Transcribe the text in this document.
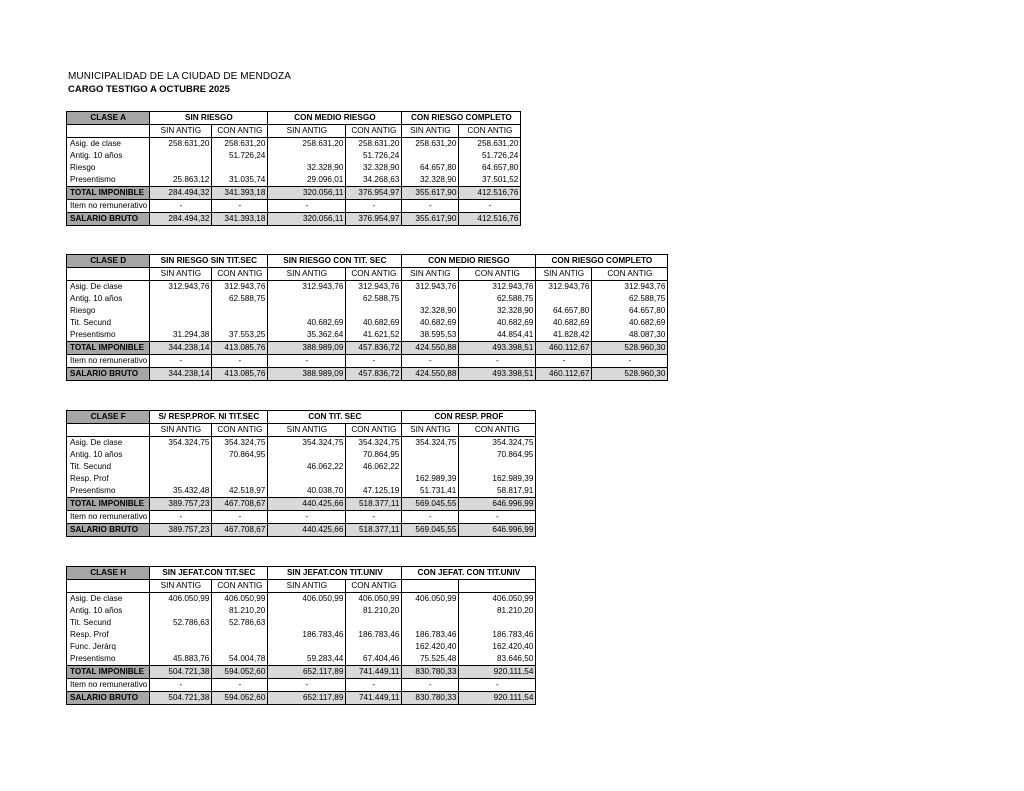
MUNICIPALIDAD DE LA CIUDAD DE MENDOZA
CARGO TESTIGO A OCTUBRE 2025
CLASE A	SIN RIESGO		CON MEDIO RIESGO		CON RIESGO COMPLETO	
	SIN ANTIG	CON ANTIG	SIN ANTIG	CON ANTIG	SIN ANTIG	CON ANTIG
Asig. de clase	258.631,20	258.631,20	258.631,20	258.631,20	258.631,20	258.631,20
Antig. 10 años		51.726,24		51.726,24		51.726,24
Riesgo			32.328,90	32.328,90	64.657,80	64.657,80
Presentismo	25.863,12	31.035,74	29.096,01	34.268,63	32.328,90	37.501,52
TOTAL IMPONIBLE	284.494,32	341.393,18	320.056,11	376.954,97	355.617,90	412.516,76
Item no remunerativo	-	-	-	-	-	-
SALARIO BRUTO	284.494,32	341.393,18	320.056,11	376.954,97	355.617,90	412.516,76
CLASE D	SIN RIESGO SIN TIT.SEC		SIN RIESGO CON TIT. SEC		CON MEDIO RIESGO		CON RIESGO COMPLETO	
	SIN ANTIG	CON ANTIG	SIN ANTIG	CON ANTIG	SIN ANTIG	CON ANTIG	SIN ANTIG	CON ANTIG
Asig. De clase	312.943,76	312.943,76	312.943,76	312.943,76	312.943,76	312.943,76	312.943,76	312.943,76
Antig. 10 años		62.588,75		62.588,75		62.588,75		62.588,75
Riesgo					32.328,90	32.328,90	64.657,80	64.657,80
Tit. Secund			40.682,69	40.682,69	40.682,69	40.682,69	40.682,69	40.682,69
Presentismo	31.294,38	37.553,25	35.362,64	41.621,52	38.595,53	44.854,41	41.828,42	48.087,30
TOTAL IMPONIBLE	344.238,14	413.085,76	388.989,09	457.836,72	424.550,88	493.398,51	460.112,67	528.960,30
Item no remunerativo	-	-	-	-	-	-	-	-
SALARIO BRUTO	344.238,14	413.085,76	388.989,09	457.836,72	424.550,88	493.398,51	460.112,67	528.960,30
CLASE F	S/ RESP.PROF. NI TIT.SEC		CON TIT. SEC		CON RESP. PROF	
	SIN ANTIG	CON ANTIG	SIN ANTIG	CON ANTIG	SIN ANTIG	CON ANTIG
Asig. De clase	354.324,75	354.324,75	354.324,75	354.324,75	354.324,75	354.324,75
Antig. 10 años		70.864,95		70.864,95		70.864,95
Tit. Secund			46.062,22	46.062,22		
Resp. Prof					162.989,39	162.989,39
Presentismo	35.432,48	42.518,97	40.038,70	47.125,19	51.731,41	58.817,91
TOTAL IMPONIBLE	389.757,23	467.708,67	440.425,66	518.377,11	569.045,55	646.996,99
Item no remunerativo	-	-	-	-	-	-
SALARIO BRUTO	389.757,23	467.708,67	440.425,66	518.377,11	569.045,55	646.996,99
CLASE H	SIN JEFAT.CON TIT.SEC		SIN JEFAT.CON TIT.UNIV		CON JEFAT. CON TIT.UNIV	
	SIN ANTIG	CON ANTIG	SIN ANTIG	CON ANTIG		
Asig. De clase	406.050,99	406.050,99	406.050,99	406.050,99	406.050,99	406.050,99
Antig. 10 años		81.210,20		81.210,20		81.210,20
Tit. Secund	52.786,63	52.786,63				
Resp. Prof			186.783,46	186.783,46	186.783,46	186.783,46
Func. Jerárq					162.420,40	162.420,40
Presentismo	45.883,76	54.004,78	59.283,44	67.404,46	75.525,48	83.646,50
TOTAL IMPONIBLE	504.721,38	594.052,60	652.117,89	741.449,11	830.780,33	920.111,54
Item no remunerativo	-	-	-	-	-	-
SALARIO BRUTO	504.721,38	594.052,60	652.117,89	741.449,11	830.780,33	920.111,54
